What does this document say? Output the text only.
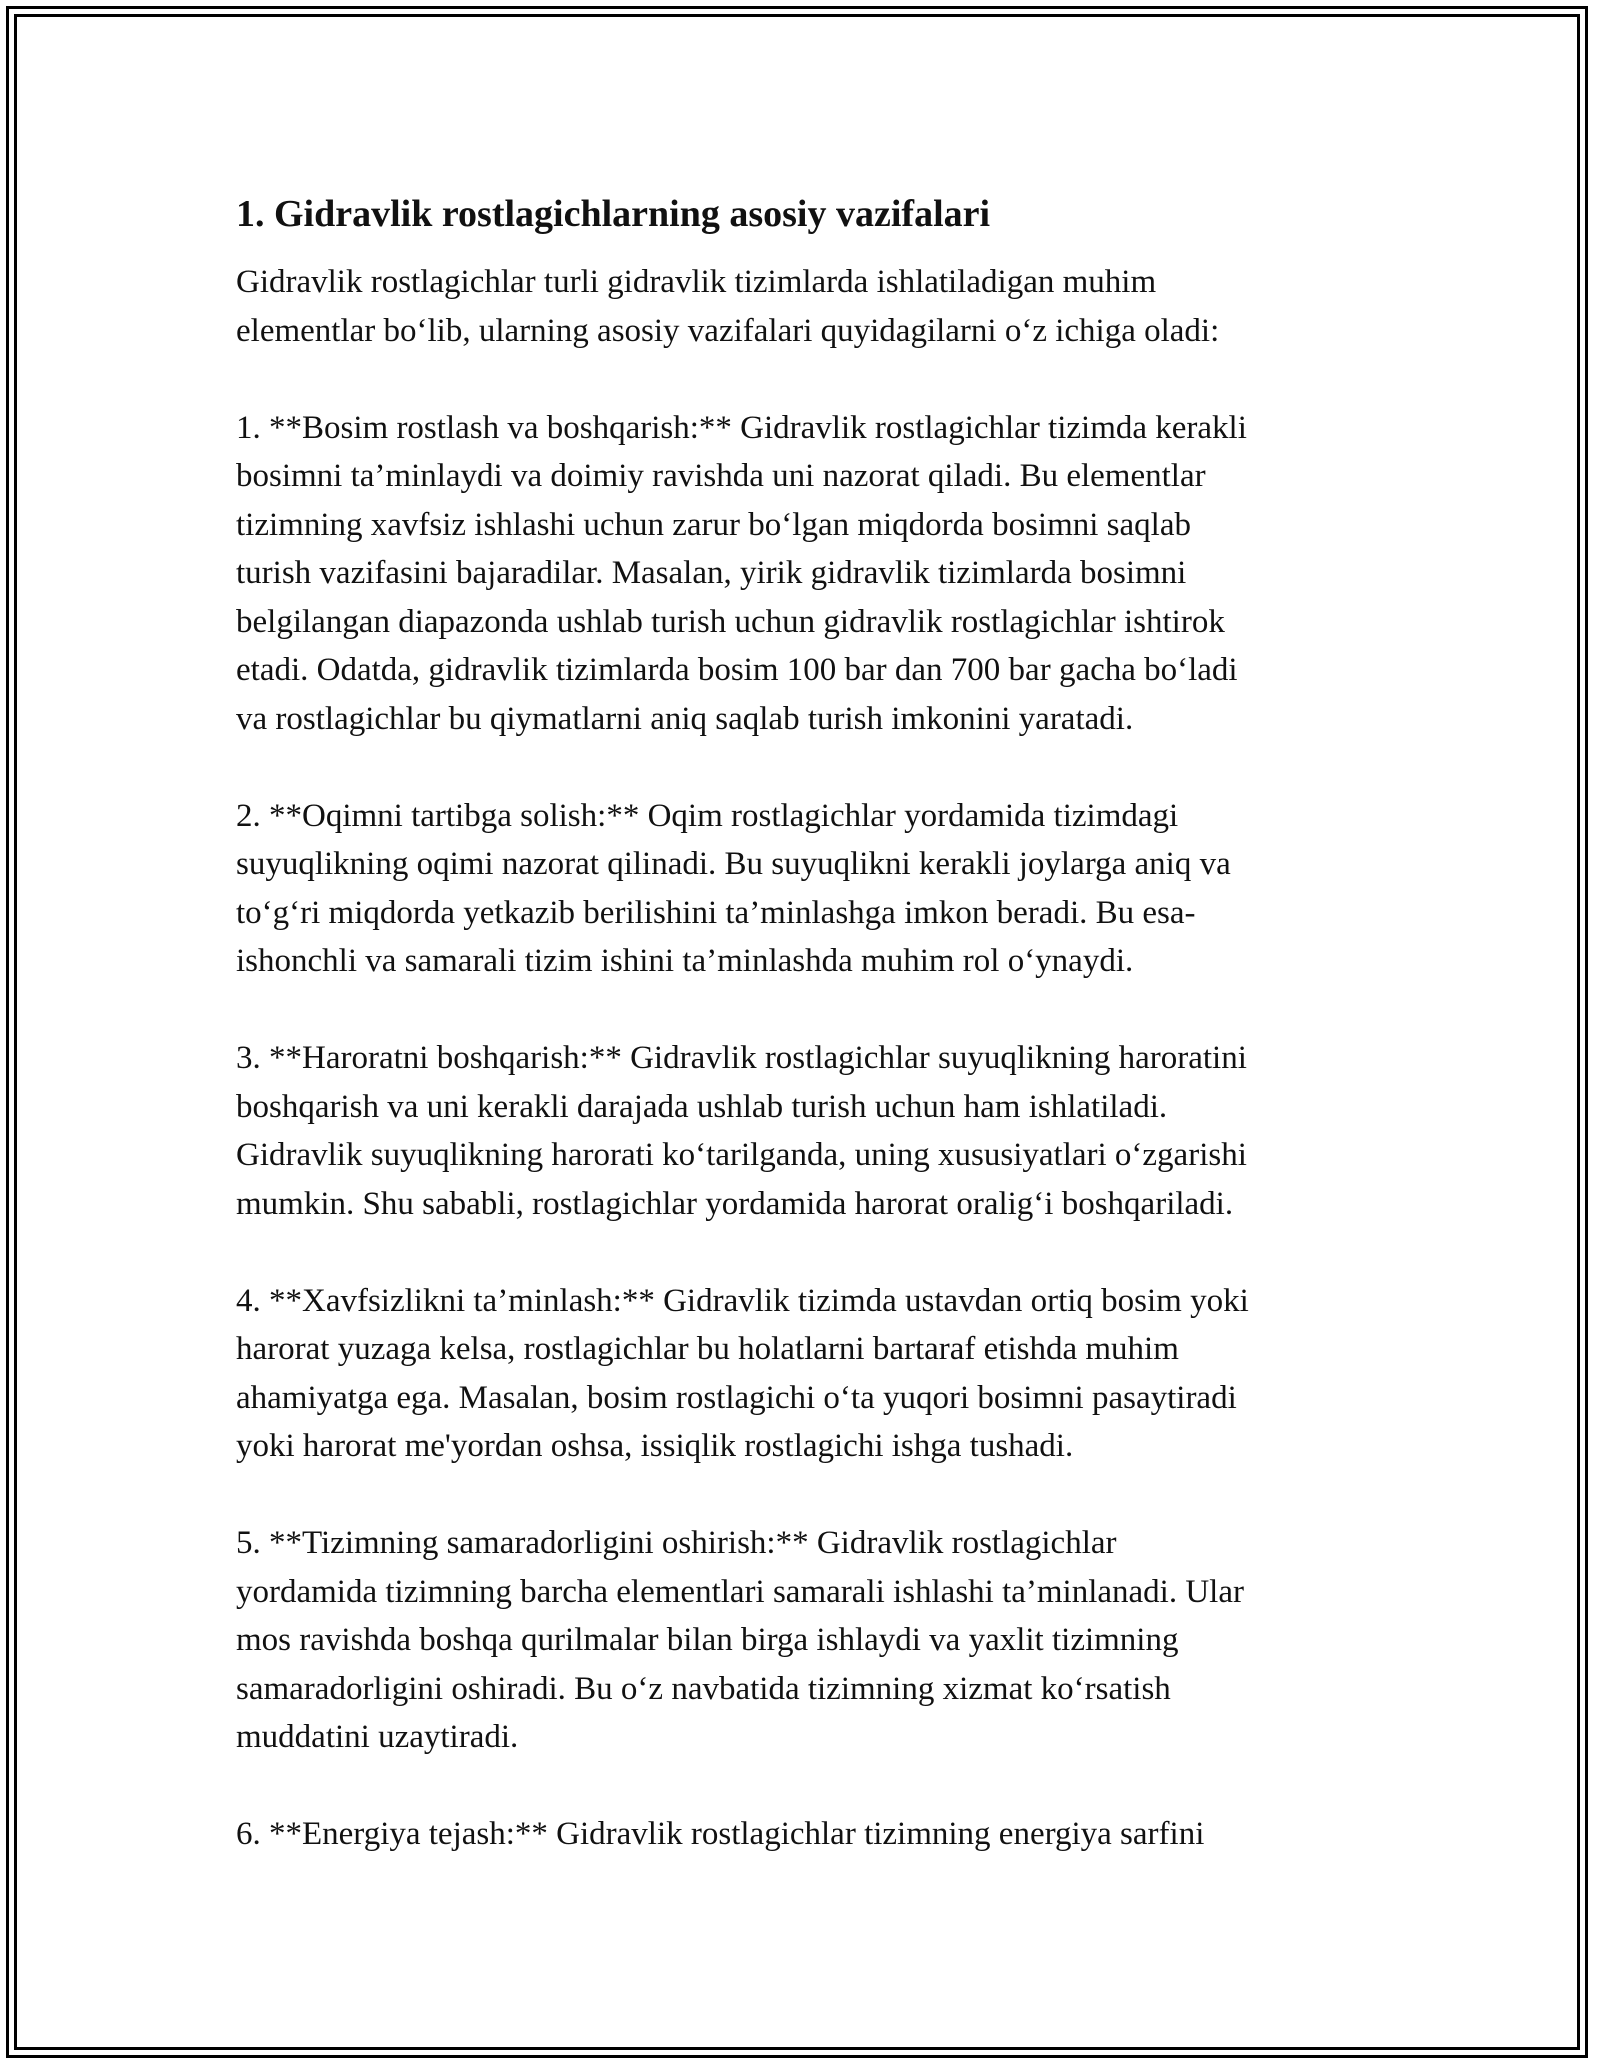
1. Gidravlik rostlagichlarning asosiy vazifalari

Gidravlik rostlagichlar turli gidravlik tizimlarda ishlatiladigan muhim
elementlar bo‘lib, ularning asosiy vazifalari quyidagilarni o‘z ichiga oladi:

1. **Bosim rostlash va boshqarish:** Gidravlik rostlagichlar tizimda kerakli
bosimni ta’minlaydi va doimiy ravishda uni nazorat qiladi. Bu elementlar
tizimning xavfsiz ishlashi uchun zarur bo‘lgan miqdorda bosimni saqlab
turish vazifasini bajaradilar. Masalan, yirik gidravlik tizimlarda bosimni
belgilangan diapazonda ushlab turish uchun gidravlik rostlagichlar ishtirok
etadi. Odatda, gidravlik tizimlarda bosim 100 bar dan 700 bar gacha bo‘ladi
va rostlagichlar bu qiymatlarni aniq saqlab turish imkonini yaratadi.

2. **Oqimni tartibga solish:** Oqim rostlagichlar yordamida tizimdagi
suyuqlikning oqimi nazorat qilinadi. Bu suyuqlikni kerakli joylarga aniq va
to‘g‘ri miqdorda yetkazib berilishini ta’minlashga imkon beradi. Bu esa-
ishonchli va samarali tizim ishini ta’minlashda muhim rol o‘ynaydi.

3. **Haroratni boshqarish:** Gidravlik rostlagichlar suyuqlikning haroratini
boshqarish va uni kerakli darajada ushlab turish uchun ham ishlatiladi.
Gidravlik suyuqlikning harorati ko‘tarilganda, uning xususiyatlari o‘zgarishi
mumkin. Shu sababli, rostlagichlar yordamida harorat oralig‘i boshqariladi.

4. **Xavfsizlikni ta’minlash:** Gidravlik tizimda ustavdan ortiq bosim yoki
harorat yuzaga kelsa, rostlagichlar bu holatlarni bartaraf etishda muhim
ahamiyatga ega. Masalan, bosim rostlagichi o‘ta yuqori bosimni pasaytiradi
yoki harorat me'yordan oshsa, issiqlik rostlagichi ishga tushadi.

5. **Tizimning samaradorligini oshirish:** Gidravlik rostlagichlar
yordamida tizimning barcha elementlari samarali ishlashi ta’minlanadi. Ular
mos ravishda boshqa qurilmalar bilan birga ishlaydi va yaxlit tizimning
samaradorligini oshiradi. Bu o‘z navbatida tizimning xizmat ko‘rsatish
muddatini uzaytiradi.

6. **Energiya tejash:** Gidravlik rostlagichlar tizimning energiya sarfini
